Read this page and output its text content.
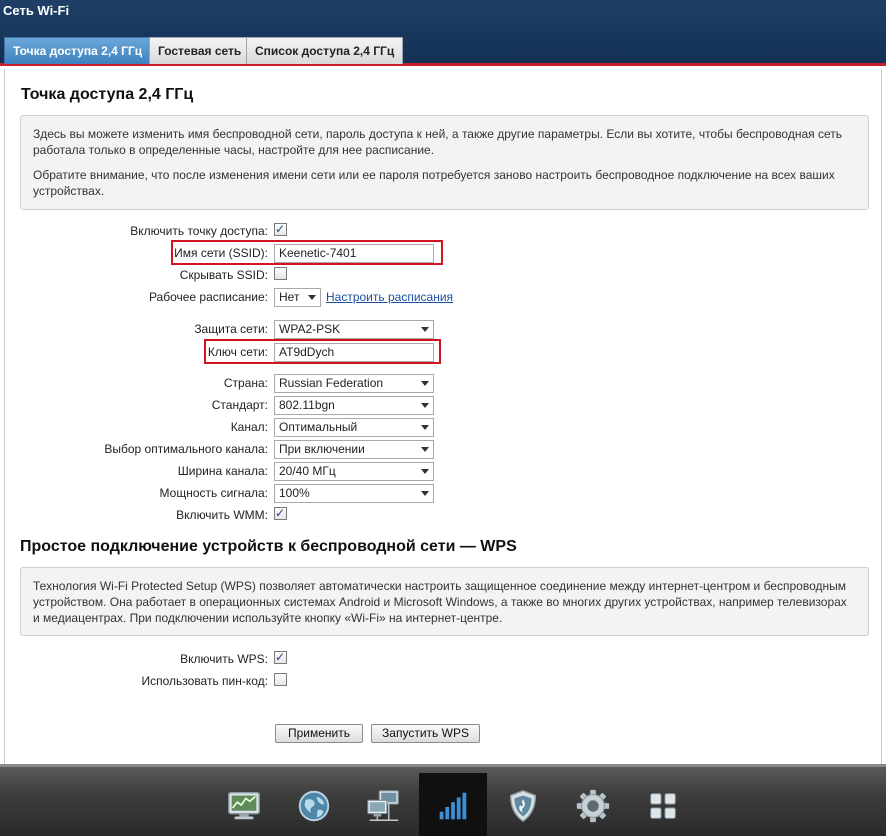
Сеть Wi-Fi
Точка доступа 2,4 ГГц	Гостевая сеть	Список доступа 2,4 ГГц
Точка доступа 2,4 ГГц

Здесь вы можете изменить имя беспроводной сети, пароль доступа к ней, а также другие параметры. Если вы хотите, чтобы беспроводная сеть работала только в определенные часы, настройте для нее расписание.

Обратите внимание, что после изменения имени сети или ее пароля потребуется заново настроить беспроводное подключение на всех ваших устройствах.

Включить точку доступа: ✓
Имя сети (SSID): Keenetic-7401
Скрывать SSID:
Рабочее расписание: Нет	Настроить расписания
Защита сети: WPA2-PSK
Ключ сети: AT9dDych
Страна: Russian Federation
Стандарт: 802.11bgn
Канал: Оптимальный
Выбор оптимального канала: При включении
Ширина канала: 20/40 МГц
Мощность сигнала: 100%
Включить WMM: ✓
Простое подключение устройств к беспроводной сети — WPS

Технология Wi-Fi Protected Setup (WPS) позволяет автоматически настроить защищенное соединение между интернет-центром и беспроводным устройством. Она работает в операционных системах Android и Microsoft Windows, а также во многих других устройствах, например телевизорах и медиацентрах. При подключении используйте кнопку «Wi-Fi» на интернет-центре.

Включить WPS: ✓
Использовать пин-код:
Применить	Запустить WPS
